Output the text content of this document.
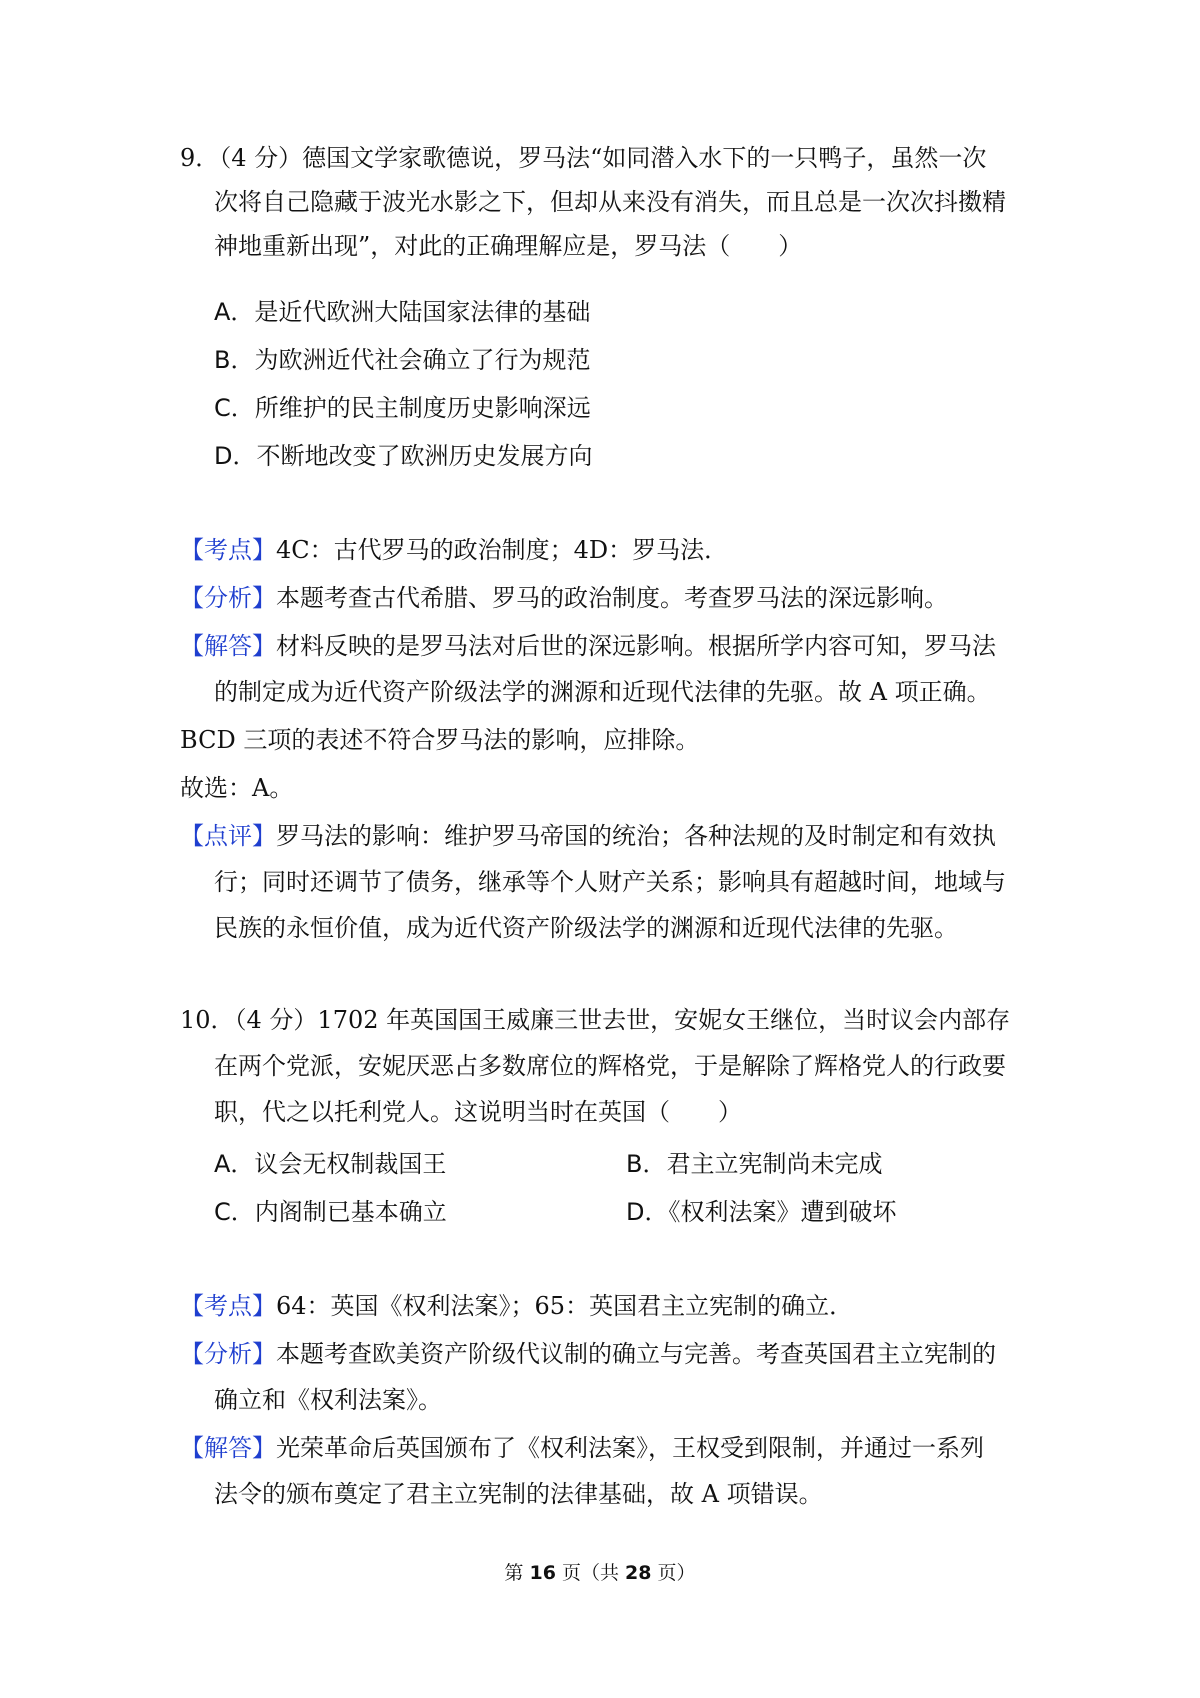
9．（4 分）德国文学家歌德说，罗马法“如同潜入水下的一只鸭子，虽然一次
次将自己隐藏于波光水影之下，但却从来没有消失，而且总是一次次抖擞精
神地重新出现”，对此的正确理解应是，罗马法（　　）
A．是近代欧洲大陆国家法律的基础
B．为欧洲近代社会确立了行为规范
C．所维护的民主制度历史影响深远
D．不断地改变了欧洲历史发展方向
【考点】4C：古代罗马的政治制度；4D：罗马法．
【分析】本题考查古代希腊、罗马的政治制度。考查罗马法的深远影响。
【解答】材料反映的是罗马法对后世的深远影响。根据所学内容可知，罗马法
的制定成为近代资产阶级法学的渊源和近现代法律的先驱。故 A 项正确。
BCD 三项的表述不符合罗马法的影响，应排除。
故选：A。
【点评】罗马法的影响：维护罗马帝国的统治；各种法规的及时制定和有效执
行；同时还调节了债务，继承等个人财产关系；影响具有超越时间，地域与
民族的永恒价值，成为近代资产阶级法学的渊源和近现代法律的先驱。
10．（4 分）1702 年英国国王威廉三世去世，安妮女王继位，当时议会内部存
在两个党派，安妮厌恶占多数席位的辉格党，于是解除了辉格党人的行政要
职，代之以托利党人。这说明当时在英国（　　）
A．议会无权制裁国王	B．君主立宪制尚未完成
C．内阁制已基本确立	D．《权利法案》遭到破坏
【考点】64：英国《权利法案》；65：英国君主立宪制的确立．
【分析】本题考查欧美资产阶级代议制的确立与完善。考查英国君主立宪制的
确立和《权利法案》。
【解答】光荣革命后英国颁布了《权利法案》，王权受到限制，并通过一系列
法令的颁布奠定了君主立宪制的法律基础，故 A 项错误。
第 16 页（共 28 页）
